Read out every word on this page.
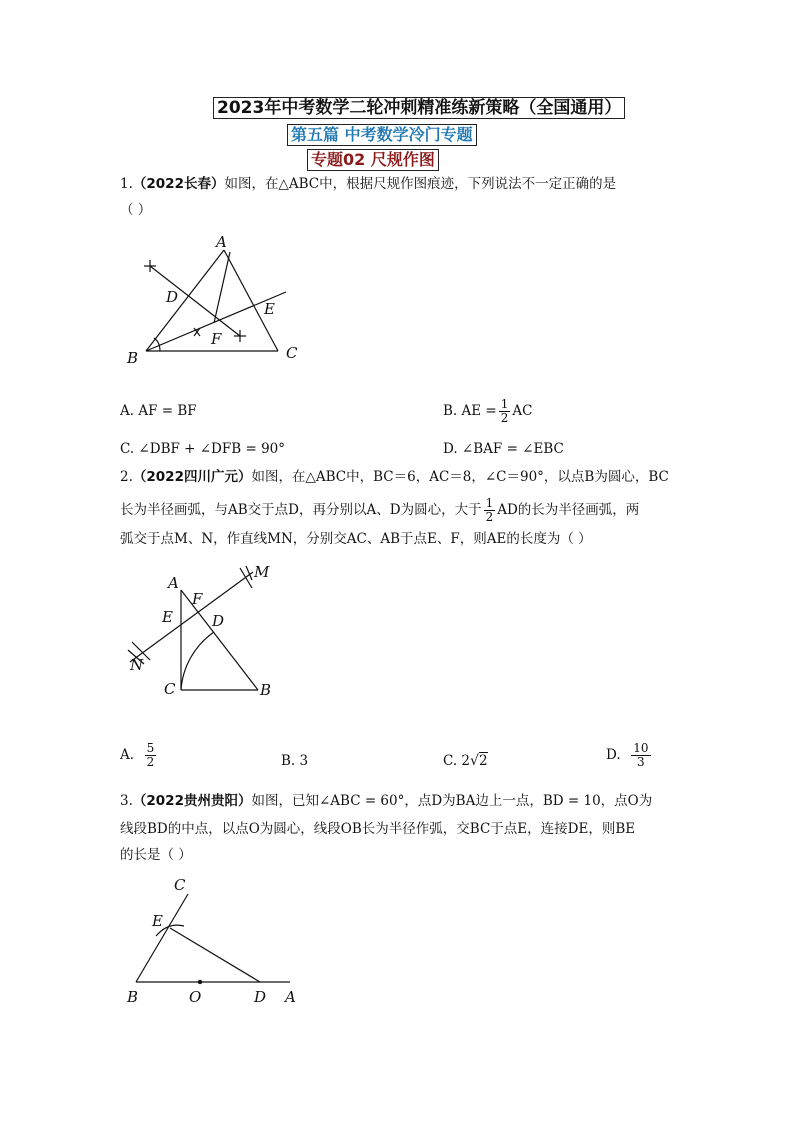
2023年中考数学二轮冲刺精准练新策略（全国通用）
第五篇 中考数学冷门专题
专题02 尺规作图
1.（2022长春）如图，在△ABC中，根据尺规作图痕迹，下列说法不一定正确的是
（ ）
A
B	C
D
E
F
A. AF = BF	B. AE = $\frac{1}{2}$ AC
C. ∠DBF + ∠DFB = 90°	D. ∠BAF = ∠EBC
2.（2022四川广元）如图，在△ABC中，BC＝6，AC＝8，∠C＝90°，以点B为圆心，BC
长为半径画弧，与AB交于点D，再分别以A、D为圆心，大于 $\frac{1}{2}$ AD的长为半径画弧，两
弧交于点M、N，作直线MN，分别交AC、AB于点E、F，则AE的长度为（ ）
A
B
C
D
E
F
M
N
A. $\frac{5}{2}$	B. 3	C. 2√2	D. $\frac{10}{3}$
3.（2022贵州贵阳）如图，已知∠ABC = 60°，点D为BA边上一点，BD = 10，点O为
线段BD的中点，以点O为圆心，线段OB长为半径作弧，交BC于点E，连接DE，则BE
的长是（ ）
C
E
B	O	D A
